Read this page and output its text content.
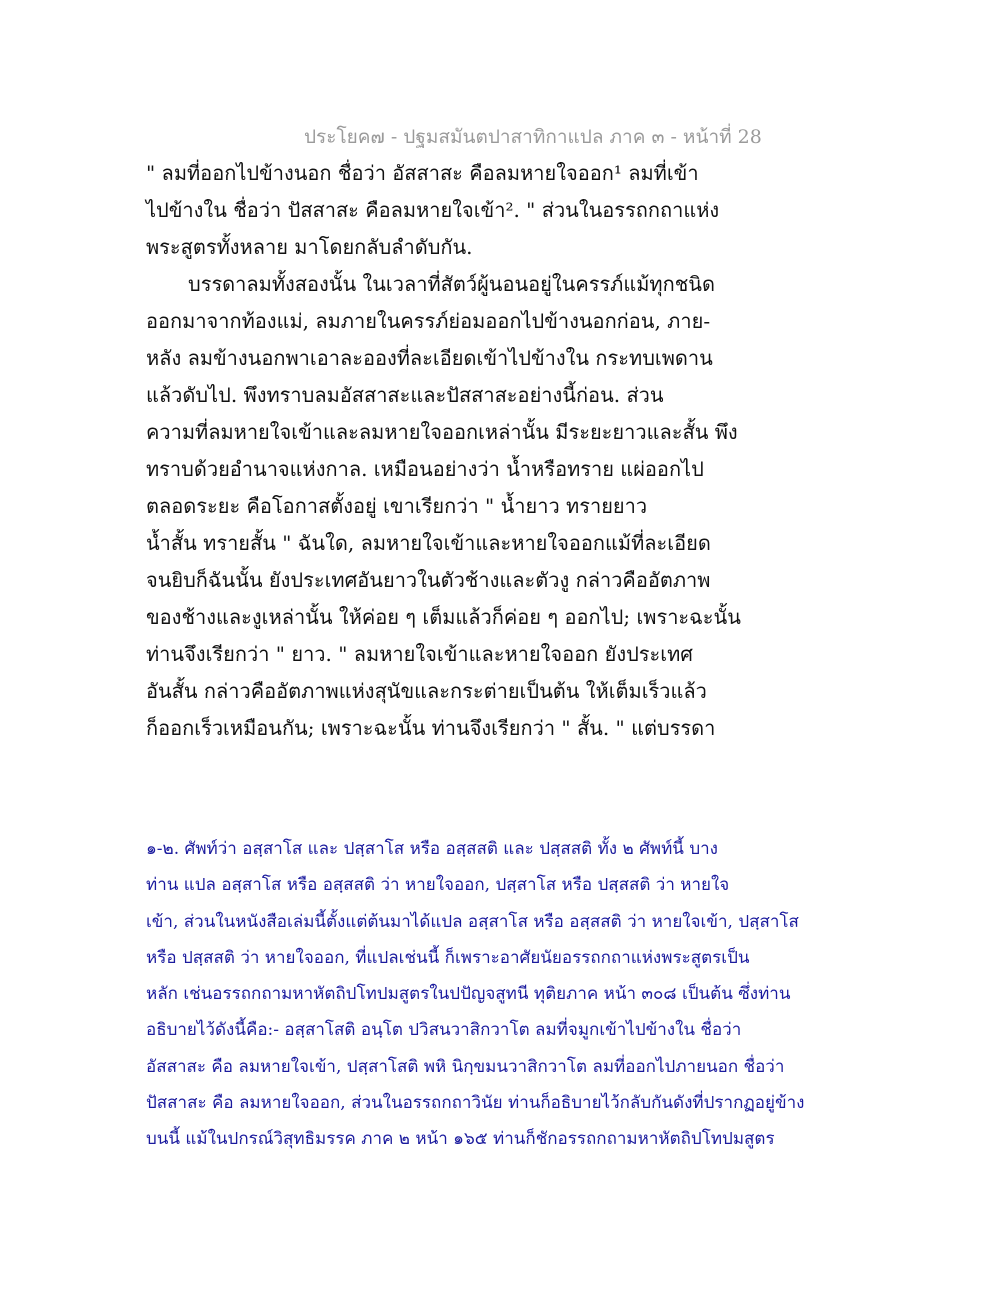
ประโยค๗ - ปฐมสมันตปาสาทิกาแปล ภาค ๓ - หน้าที่ 28
" ลมที่ออกไปข้างนอก ชื่อว่า อัสสาสะ คือลมหายใจออก¹ ลมที่เข้า
ไปข้างใน ชื่อว่า ปัสสาสะ คือลมหายใจเข้า². " ส่วนในอรรถกถาแห่ง
พระสูตรทั้งหลาย มาโดยกลับลำดับกัน.
บรรดาลมทั้งสองนั้น ในเวลาที่สัตว์ผู้นอนอยู่ในครรภ์แม้ทุกชนิด
ออกมาจากท้องแม่, ลมภายในครรภ์ย่อมออกไปข้างนอกก่อน, ภาย-
หลัง ลมข้างนอกพาเอาละอองที่ละเอียดเข้าไปข้างใน กระทบเพดาน
แล้วดับไป. พึงทราบลมอัสสาสะและปัสสาสะอย่างนี้ก่อน. ส่วน
ความที่ลมหายใจเข้าและลมหายใจออกเหล่านั้น มีระยะยาวและสั้น พึง
ทราบด้วยอำนาจแห่งกาล. เหมือนอย่างว่า น้ำหรือทราย แผ่ออกไป
ตลอดระยะ คือโอกาสตั้งอยู่ เขาเรียกว่า " น้ำยาว ทรายยาว
น้ำสั้น ทรายสั้น " ฉันใด, ลมหายใจเข้าและหายใจออกแม้ที่ละเอียด
จนยิบก็ฉันนั้น ยังประเทศอันยาวในตัวช้างและตัวงู กล่าวคืออัตภาพ
ของช้างและงูเหล่านั้น ให้ค่อย ๆ เต็มแล้วก็ค่อย ๆ ออกไป; เพราะฉะนั้น
ท่านจึงเรียกว่า " ยาว. " ลมหายใจเข้าและหายใจออก ยังประเทศ
อันสั้น กล่าวคืออัตภาพแห่งสุนัขและกระต่ายเป็นต้น ให้เต็มเร็วแล้ว
ก็ออกเร็วเหมือนกัน; เพราะฉะนั้น ท่านจึงเรียกว่า " สั้น. " แต่บรรดา
๑-๒. ศัพท์ว่า อสฺสาโส และ ปสฺสาโส หรือ อสฺสสติ และ ปสฺสสติ ทั้ง ๒ ศัพท์นี้ บาง
ท่าน แปล อสฺสาโส หรือ อสฺสสติ ว่า หายใจออก, ปสฺสาโส หรือ ปสฺสสติ ว่า หายใจ
เข้า, ส่วนในหนังสือเล่มนี้ตั้งแต่ต้นมาได้แปล อสฺสาโส หรือ อสฺสสติ ว่า หายใจเข้า, ปสฺสาโส
หรือ ปสฺสสติ ว่า หายใจออก, ที่แปลเช่นนี้ ก็เพราะอาศัยนัยอรรถกถาแห่งพระสูตรเป็น
หลัก เช่นอรรถกถามหาหัตถิปโทปมสูตรในปปัญจสูทนี ทุติยภาค หน้า ๓๐๘ เป็นต้น ซึ่งท่าน
อธิบายไว้ดังนี้คือ:- อสฺสาโสติ อนฺโต ปวิสนวาสิกวาโต ลมที่จมูกเข้าไปข้างใน ชื่อว่า
อัสสาสะ คือ ลมหายใจเข้า, ปสฺสาโสติ พหิ นิกฺขมนวาสิกวาโต ลมที่ออกไปภายนอก ชื่อว่า
ปัสสาสะ คือ ลมหายใจออก, ส่วนในอรรถกถาวินัย ท่านก็อธิบายไว้กลับกันดังที่ปรากฏอยู่ข้าง
บนนี้ แม้ในปกรณ์วิสุทธิมรรค ภาค ๒ หน้า ๑๖๕ ท่านก็ชักอรรถกถามหาหัตถิปโทปมสูตร
